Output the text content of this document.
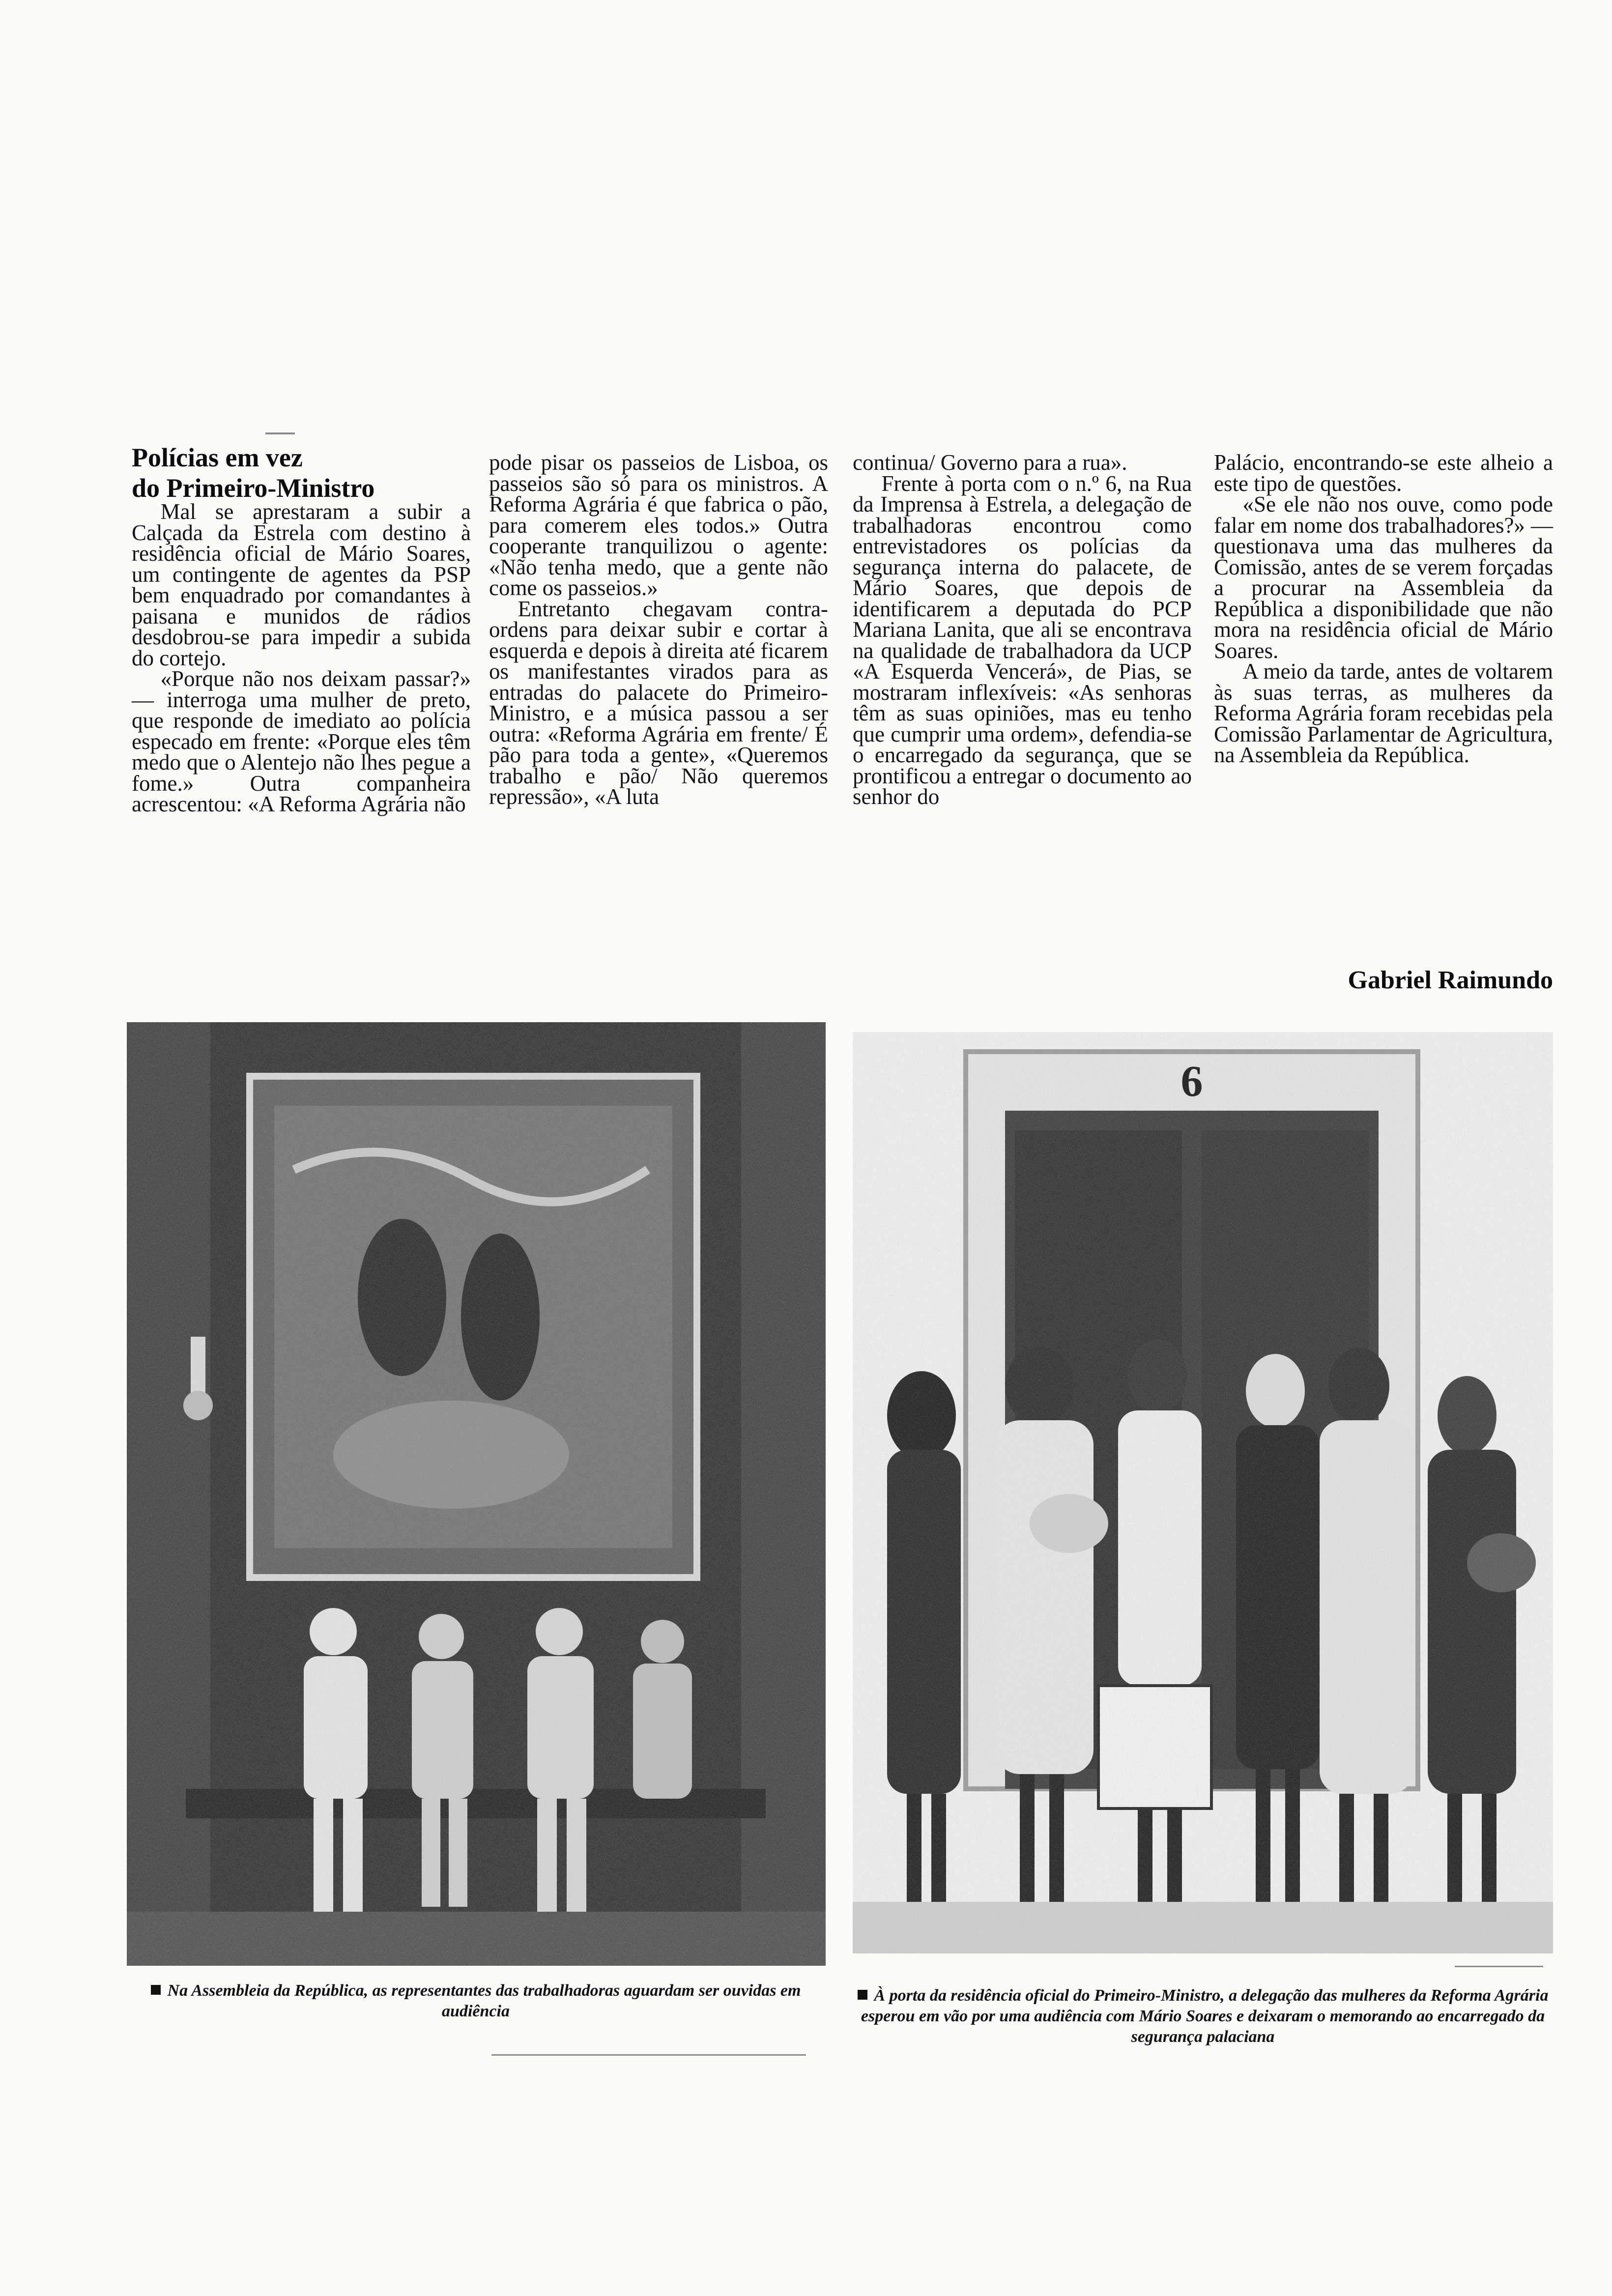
Polícias em vez
do Primeiro-Ministro

Mal se aprestaram a subir a Calçada da Estrela com destino à residência oficial de Mário Soares, um contingente de agentes da PSP bem enquadrado por comandantes à paisana e munidos de rádios desdobrou-se para impedir a subida do cortejo.

«Porque não nos deixam passar?» — interroga uma mulher de preto, que responde de imediato ao polícia especado em frente: «Porque eles têm medo que o Alentejo não lhes pegue a fome.» Outra companheira acrescentou: «A Reforma Agrária não

pode pisar os passeios de Lisboa, os passeios são só para os ministros. A Reforma Agrária é que fabrica o pão, para comerem eles todos.» Outra cooperante tranquilizou o agente: «Não tenha medo, que a gente não come os passeios.»

Entretanto chegavam contra-ordens para deixar subir e cortar à esquerda e depois à direita até ficarem os manifestantes virados para as entradas do palacete do Primeiro-Ministro, e a música passou a ser outra: «Reforma Agrária em frente/ É pão para toda a gente», «Queremos trabalho e pão/ Não queremos repressão», «A luta

continua/ Governo para a rua».

Frente à porta com o n.º 6, na Rua da Imprensa à Estrela, a delegação de trabalhadoras encontrou como entrevistadores os polícias da segurança interna do palacete, de Mário Soares, que depois de identificarem a deputada do PCP Mariana Lanita, que ali se encontrava na qualidade de trabalhadora da UCP «A Esquerda Vencerá», de Pias, se mostraram inflexíveis: «As senhoras têm as suas opiniões, mas eu tenho que cumprir uma ordem», defendia-se o encarregado da segurança, que se prontificou a entregar o documento ao senhor do

Palácio, encontrando-se este alheio a este tipo de questões.

«Se ele não nos ouve, como pode falar em nome dos trabalhadores?» — questionava uma das mulheres da Comissão, antes de se verem forçadas a procurar na Assembleia da República a disponibilidade que não mora na residência oficial de Mário Soares.

A meio da tarde, antes de voltarem às suas terras, as mulheres da Reforma Agrária foram recebidas pela Comissão Parlamentar de Agricultura, na Assembleia da República.

Gabriel Raimundo
Na Assembleia da República, as representantes das trabalhadoras aguardam ser ouvidas em audiência
À porta da residência oficial do Primeiro-Ministro, a delegação das mulheres da Reforma Agrária esperou em vão por uma audiência com Mário Soares e deixaram o memorando ao encarregado da segurança palaciana
